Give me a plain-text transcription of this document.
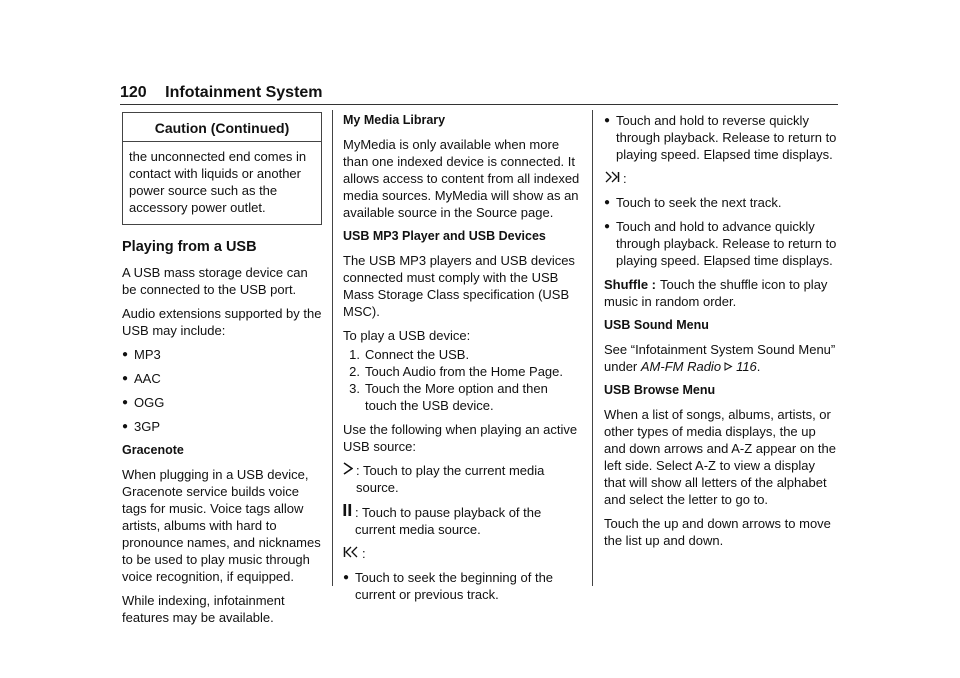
120 Infotainment System
Caution (Continued)
the unconnected end comes in contact with liquids or another power source such as the accessory power outlet.
Playing from a USB

A USB mass storage device can be connected to the USB port.

Audio extensions supported by the USB may include:

● MP3
● AAC
● OGG
● 3GP
Gracenote

When plugging in a USB device, Gracenote service builds voice tags for music. Voice tags allow artists, albums with hard to pronounce names, and nicknames to be used to play music through voice recognition, if equipped.

While indexing, infotainment features may be available.

My Media Library

MyMedia is only available when more than one indexed device is connected. It allows access to content from all indexed media sources. MyMedia will show as an available source in the Source page.

USB MP3 Player and USB Devices

The USB MP3 players and USB devices connected must comply with the USB Mass Storage Class specification (USB MSC).

To play a USB device:

1. Connect the USB.
2. Touch Audio from the Home Page.
3. Touch the More option and then touch the USB device.

Use the following when playing an active USB source:

: Touch to play the current media source.
: Touch to pause playback of the current media source.
:
● Touch to seek the beginning of the current or previous track.
● Touch and hold to reverse quickly through playback. Release to return to playing speed. Elapsed time displays.
:
● Touch to seek the next track.
● Touch and hold to advance quickly through playback. Release to return to playing speed. Elapsed time displays.

Shuffle : Touch the shuffle icon to play music in random order.

USB Sound Menu

See “Infotainment System Sound Menu” under AM-FM Radio 116.

USB Browse Menu

When a list of songs, albums, artists, or other types of media displays, the up and down arrows and A-Z appear on the left side. Select A-Z to view a display that will show all letters of the alphabet and select the letter to go to.

Touch the up and down arrows to move the list up and down.
